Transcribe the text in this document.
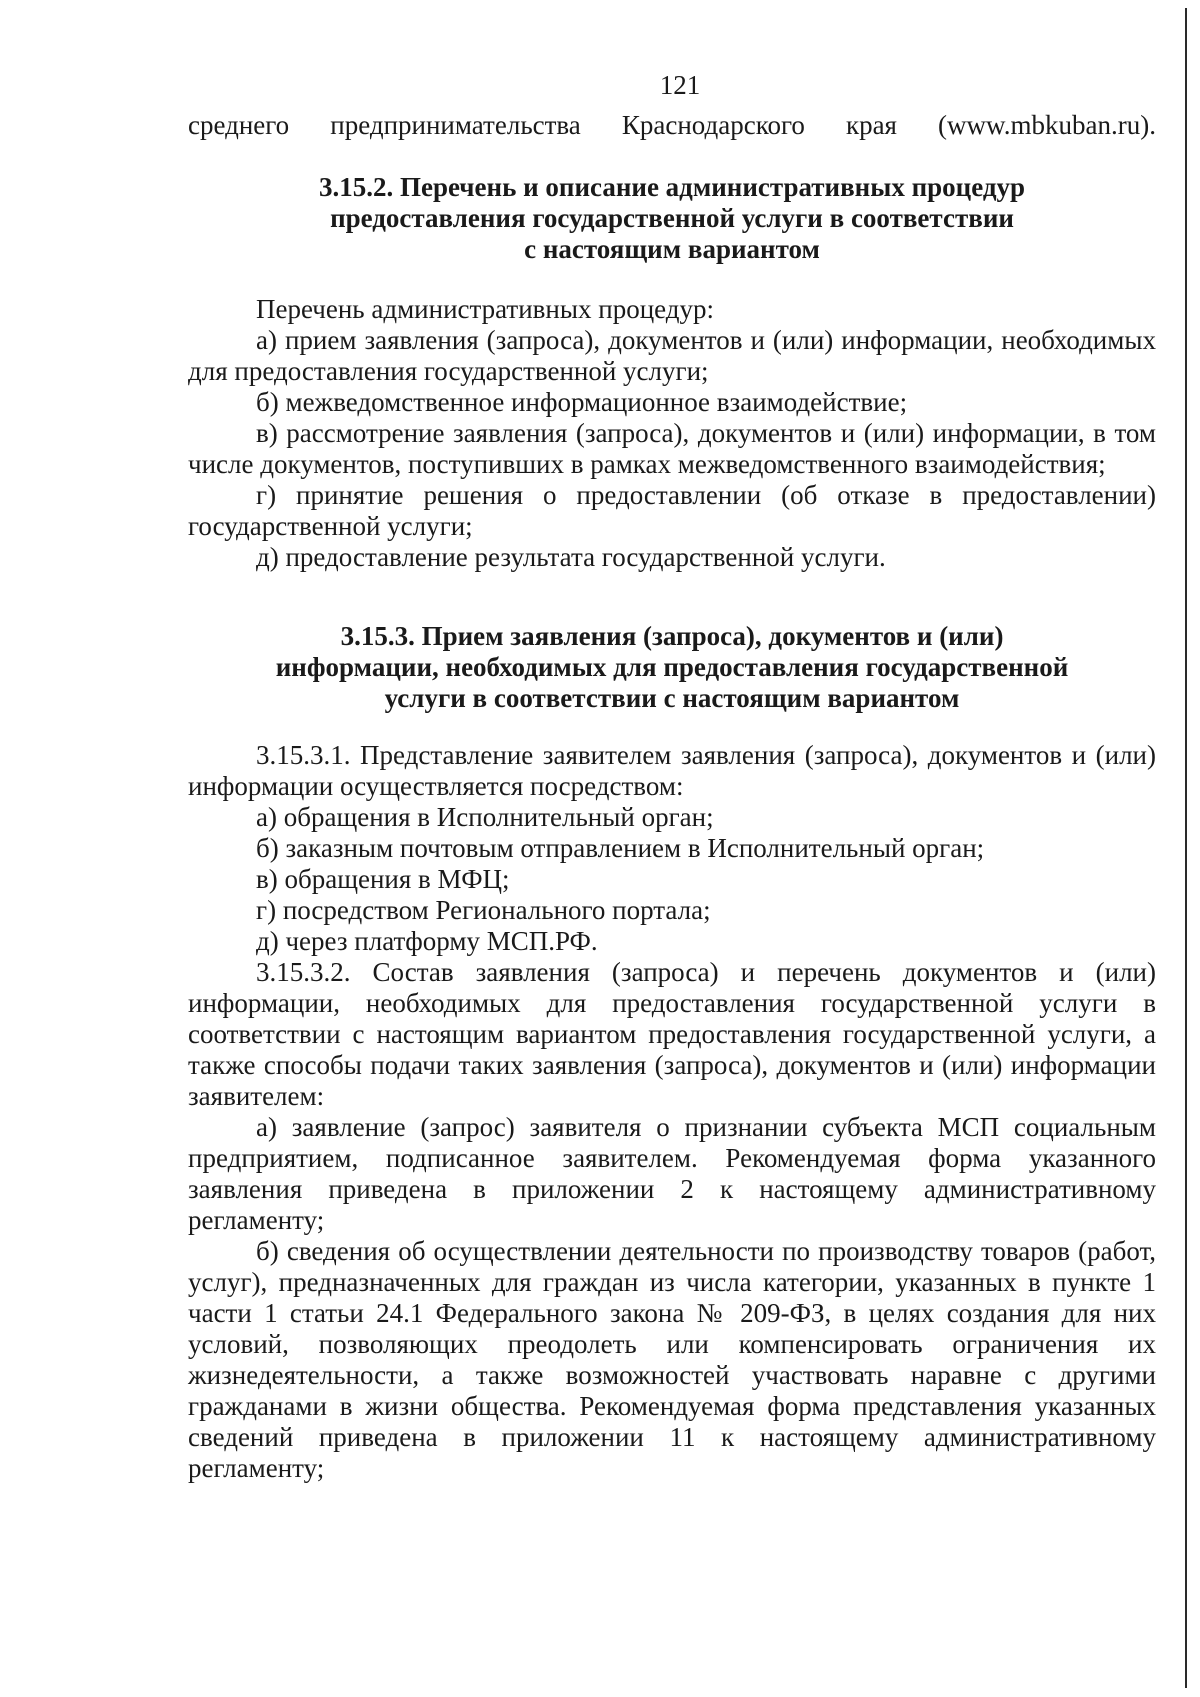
121

среднего предпринимательства Краснодарского края (www.mbkuban.ru).

3.15.2. Перечень и описание административных процедур
предоставления государственной услуги в соответствии
с настоящим вариантом

Перечень административных процедур:

а) прием заявления (запроса), документов и (или) информации, необходимых для предоставления государственной услуги;

б) межведомственное информационное взаимодействие;

в) рассмотрение заявления (запроса), документов и (или) информации, в том числе документов, поступивших в рамках межведомственного взаимодействия;

г) принятие решения о предоставлении (об отказе в предоставлении) государственной услуги;

д) предоставление результата государственной услуги.

3.15.3. Прием заявления (запроса), документов и (или)
информации, необходимых для предоставления государственной
услуги в соответствии с настоящим вариантом

3.15.3.1. Представление заявителем заявления (запроса), документов и (или) информации осуществляется посредством:

а) обращения в Исполнительный орган;

б) заказным почтовым отправлением в Исполнительный орган;

в) обращения в МФЦ;

г) посредством Регионального портала;

д) через платформу МСП.РФ.

3.15.3.2. Состав заявления (запроса) и перечень документов и (или) информации, необходимых для предоставления государственной услуги в соответствии с настоящим вариантом предоставления государственной услуги, а также способы подачи таких заявления (запроса), документов и (или) информации заявителем:

а) заявление (запрос) заявителя о признании субъекта МСП социальным предприятием, подписанное заявителем. Рекомендуемая форма указанного заявления приведена в приложении 2 к настоящему административному регламенту;

б) сведения об осуществлении деятельности по производству товаров (работ, услуг), предназначенных для граждан из числа категории, указанных в пункте 1 части 1 статьи 24.1 Федерального закона № 209-ФЗ, в целях создания для них условий, позволяющих преодолеть или компенсировать ограничения их жизнедеятельности, а также возможностей участвовать наравне с другими гражданами в жизни общества. Рекомендуемая форма представления указанных сведений приведена в приложении 11 к настоящему административному регламенту;
